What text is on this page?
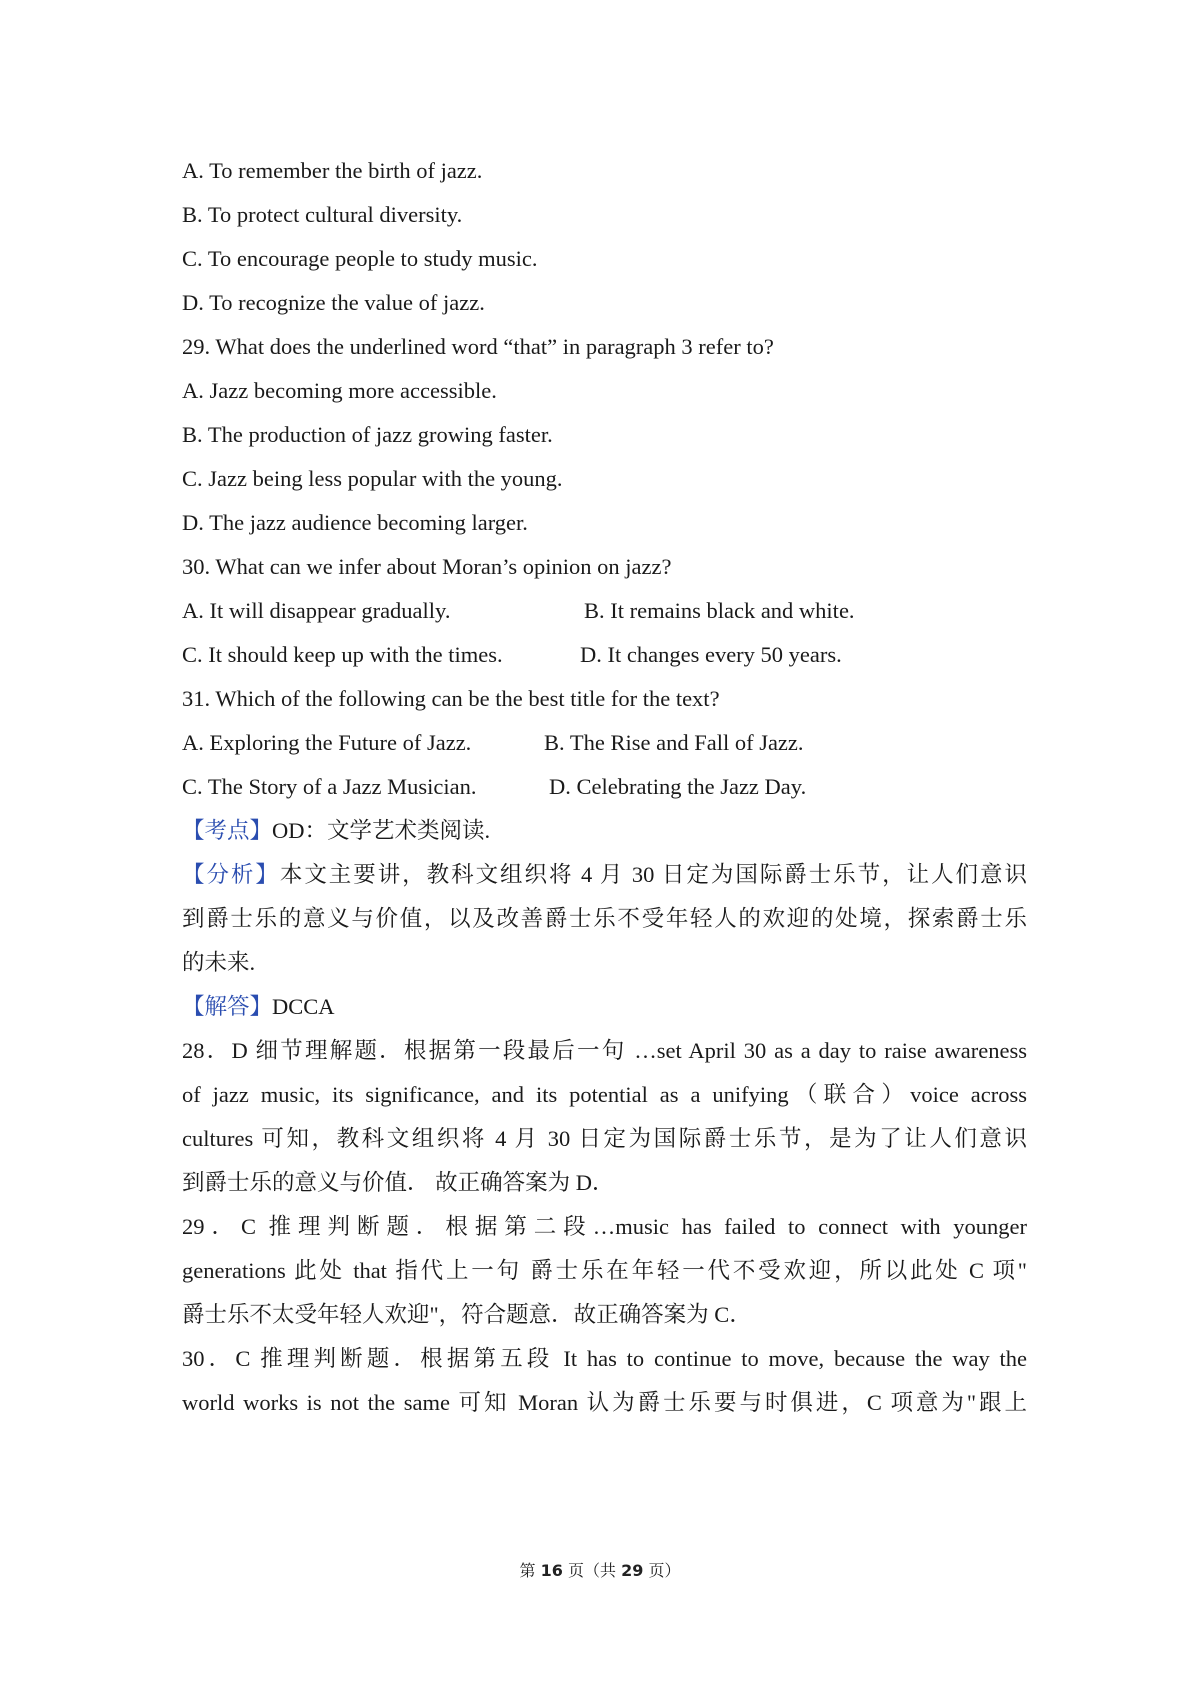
A. To remember the birth of jazz.
B. To protect cultural diversity.
C. To encourage people to study music.
D. To recognize the value of jazz.
29. What does the underlined word “that” in paragraph 3 refer to?
A. Jazz becoming more accessible.
B. The production of jazz growing faster.
C. Jazz being less popular with the young.
D. The jazz audience becoming larger.
30. What can we infer about Moran’s opinion on jazz?
A. It will disappear gradually.	B. It remains black and white.
C. It should keep up with the times.	D. It changes every 50 years.
31. Which of the following can be the best title for the text?
A. Exploring the Future of Jazz.	B. The Rise and Fall of Jazz.
C. The Story of a Jazz Musician.	D. Celebrating the Jazz Day.
【考点】OD：文学艺术类阅读.
【分析】本文主要讲，教科文组织将 4 月 30 日定为国际爵士乐节，让人们意识
到爵士乐的意义与价值，以及改善爵士乐不受年轻人的欢迎的处境，探索爵士乐
的未来.
【解答】DCCA
28．D 细节理解题．根据第一段最后一句 …set April 30 as a day to raise awareness
of jazz music, its significance, and its potential as a unifying（联合）voice across
cultures 可知，教科文组织将 4 月 30 日定为国际爵士乐节，是为了让人们意识
到爵士乐的意义与价值． 故正确答案为 D．
29．C 推理判断题．根据第二段…music has failed to connect with younger
generations 此处 that 指代上一句 爵士乐在年轻一代不受欢迎，所以此处 C 项"
爵士乐不太受年轻人欢迎"，符合题意．故正确答案为 C．
30．C 推理判断题．根据第五段 It has to continue to move, because the way the
world works is not the same 可知 Moran 认为爵士乐要与时俱进，C 项意为"跟上
第 16 页（共 29 页）
